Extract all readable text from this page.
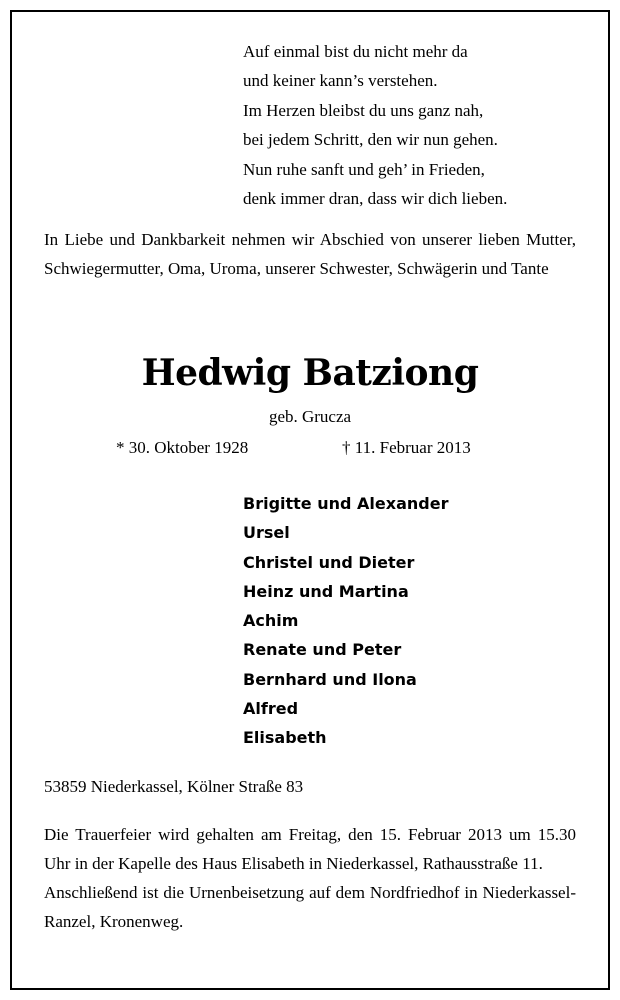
Auf einmal bist du nicht mehr da
und keiner kann’s verstehen.
Im Herzen bleibst du uns ganz nah,
bei jedem Schritt, den wir nun gehen.
Nun ruhe sanft und geh’ in Frieden,
denk immer dran, dass wir dich lieben.
In Liebe und Dankbarkeit nehmen wir Abschied von unserer lieben Mutter, Schwiegermutter, Oma, Uroma, unserer Schwester, Schwägerin und Tante
Hedwig Batziong
geb. Grucza
* 30. Oktober 1928	† 11. Februar 2013
Brigitte und Alexander
Ursel
Christel und Dieter
Heinz und Martina
Achim
Renate und Peter
Bernhard und Ilona
Alfred
Elisabeth
53859 Niederkassel, Kölner Straße 83
Die Trauerfeier wird gehalten am Freitag, den 15. Februar 2013 um 15.30 Uhr in der Kapelle des Haus Elisabeth in Niederkassel, Rathausstraße 11.
Anschließend ist die Urnenbeisetzung auf dem Nordfriedhof in Niederkassel-Ranzel, Kronenweg.
